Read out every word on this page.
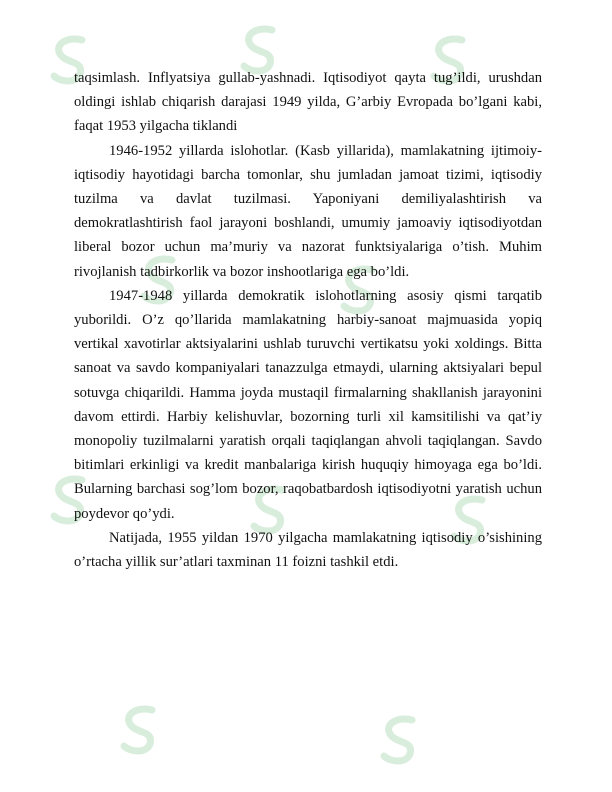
taqsimlash. Inflyatsiya gullab-yashnadi. Iqtisodiyot qayta tug’ildi, urushdan oldingi ishlab chiqarish darajasi 1949 yilda, G’arbiy Evropada bo’lgani kabi, faqat 1953 yilgacha tiklandi

1946-1952 yillarda islohotlar. (Kasb yillarida), mamlakatning ijtimoiy-iqtisodiy hayotidagi barcha tomonlar, shu jumladan jamoat tizimi, iqtisodiy tuzilma va davlat tuzilmasi. Yaponiyani demiliyalashtirish va demokratlashtirish faol jarayoni boshlandi, umumiy jamoaviy iqtisodiyotdan liberal bozor uchun ma’muriy va nazorat funktsiyalariga o’tish. Muhim rivojlanish tadbirkorlik va bozor inshootlariga ega bo’ldi.

1947-1948 yillarda demokratik islohotlarning asosiy qismi tarqatib yuborildi. O’z qo’llarida mamlakatning harbiy-sanoat majmuasida yopiq vertikal xavotirlar aktsiyalarini ushlab turuvchi vertikatsu yoki xoldings. Bitta sanoat va savdo kompaniyalari tanazzulga etmaydi, ularning aktsiyalari bepul sotuvga chiqarildi. Hamma joyda mustaqil firmalarning shakllanish jarayonini davom ettirdi. Harbiy kelishuvlar, bozorning turli xil kamsitilishi va qat’iy monopoliy tuzilmalarni yaratish orqali taqiqlangan ahvoli taqiqlangan. Savdo bitimlari erkinligi va kredit manbalariga kirish huquqiy himoyaga ega bo’ldi. Bularning barchasi sog’lom bozor, raqobatbardosh iqtisodiyotni yaratish uchun poydevor qo’ydi.

Natijada, 1955 yildan 1970 yilgacha mamlakatning iqtisodiy o’sishining o’rtacha yillik sur’atlari taxminan 11 foizni tashkil etdi.
